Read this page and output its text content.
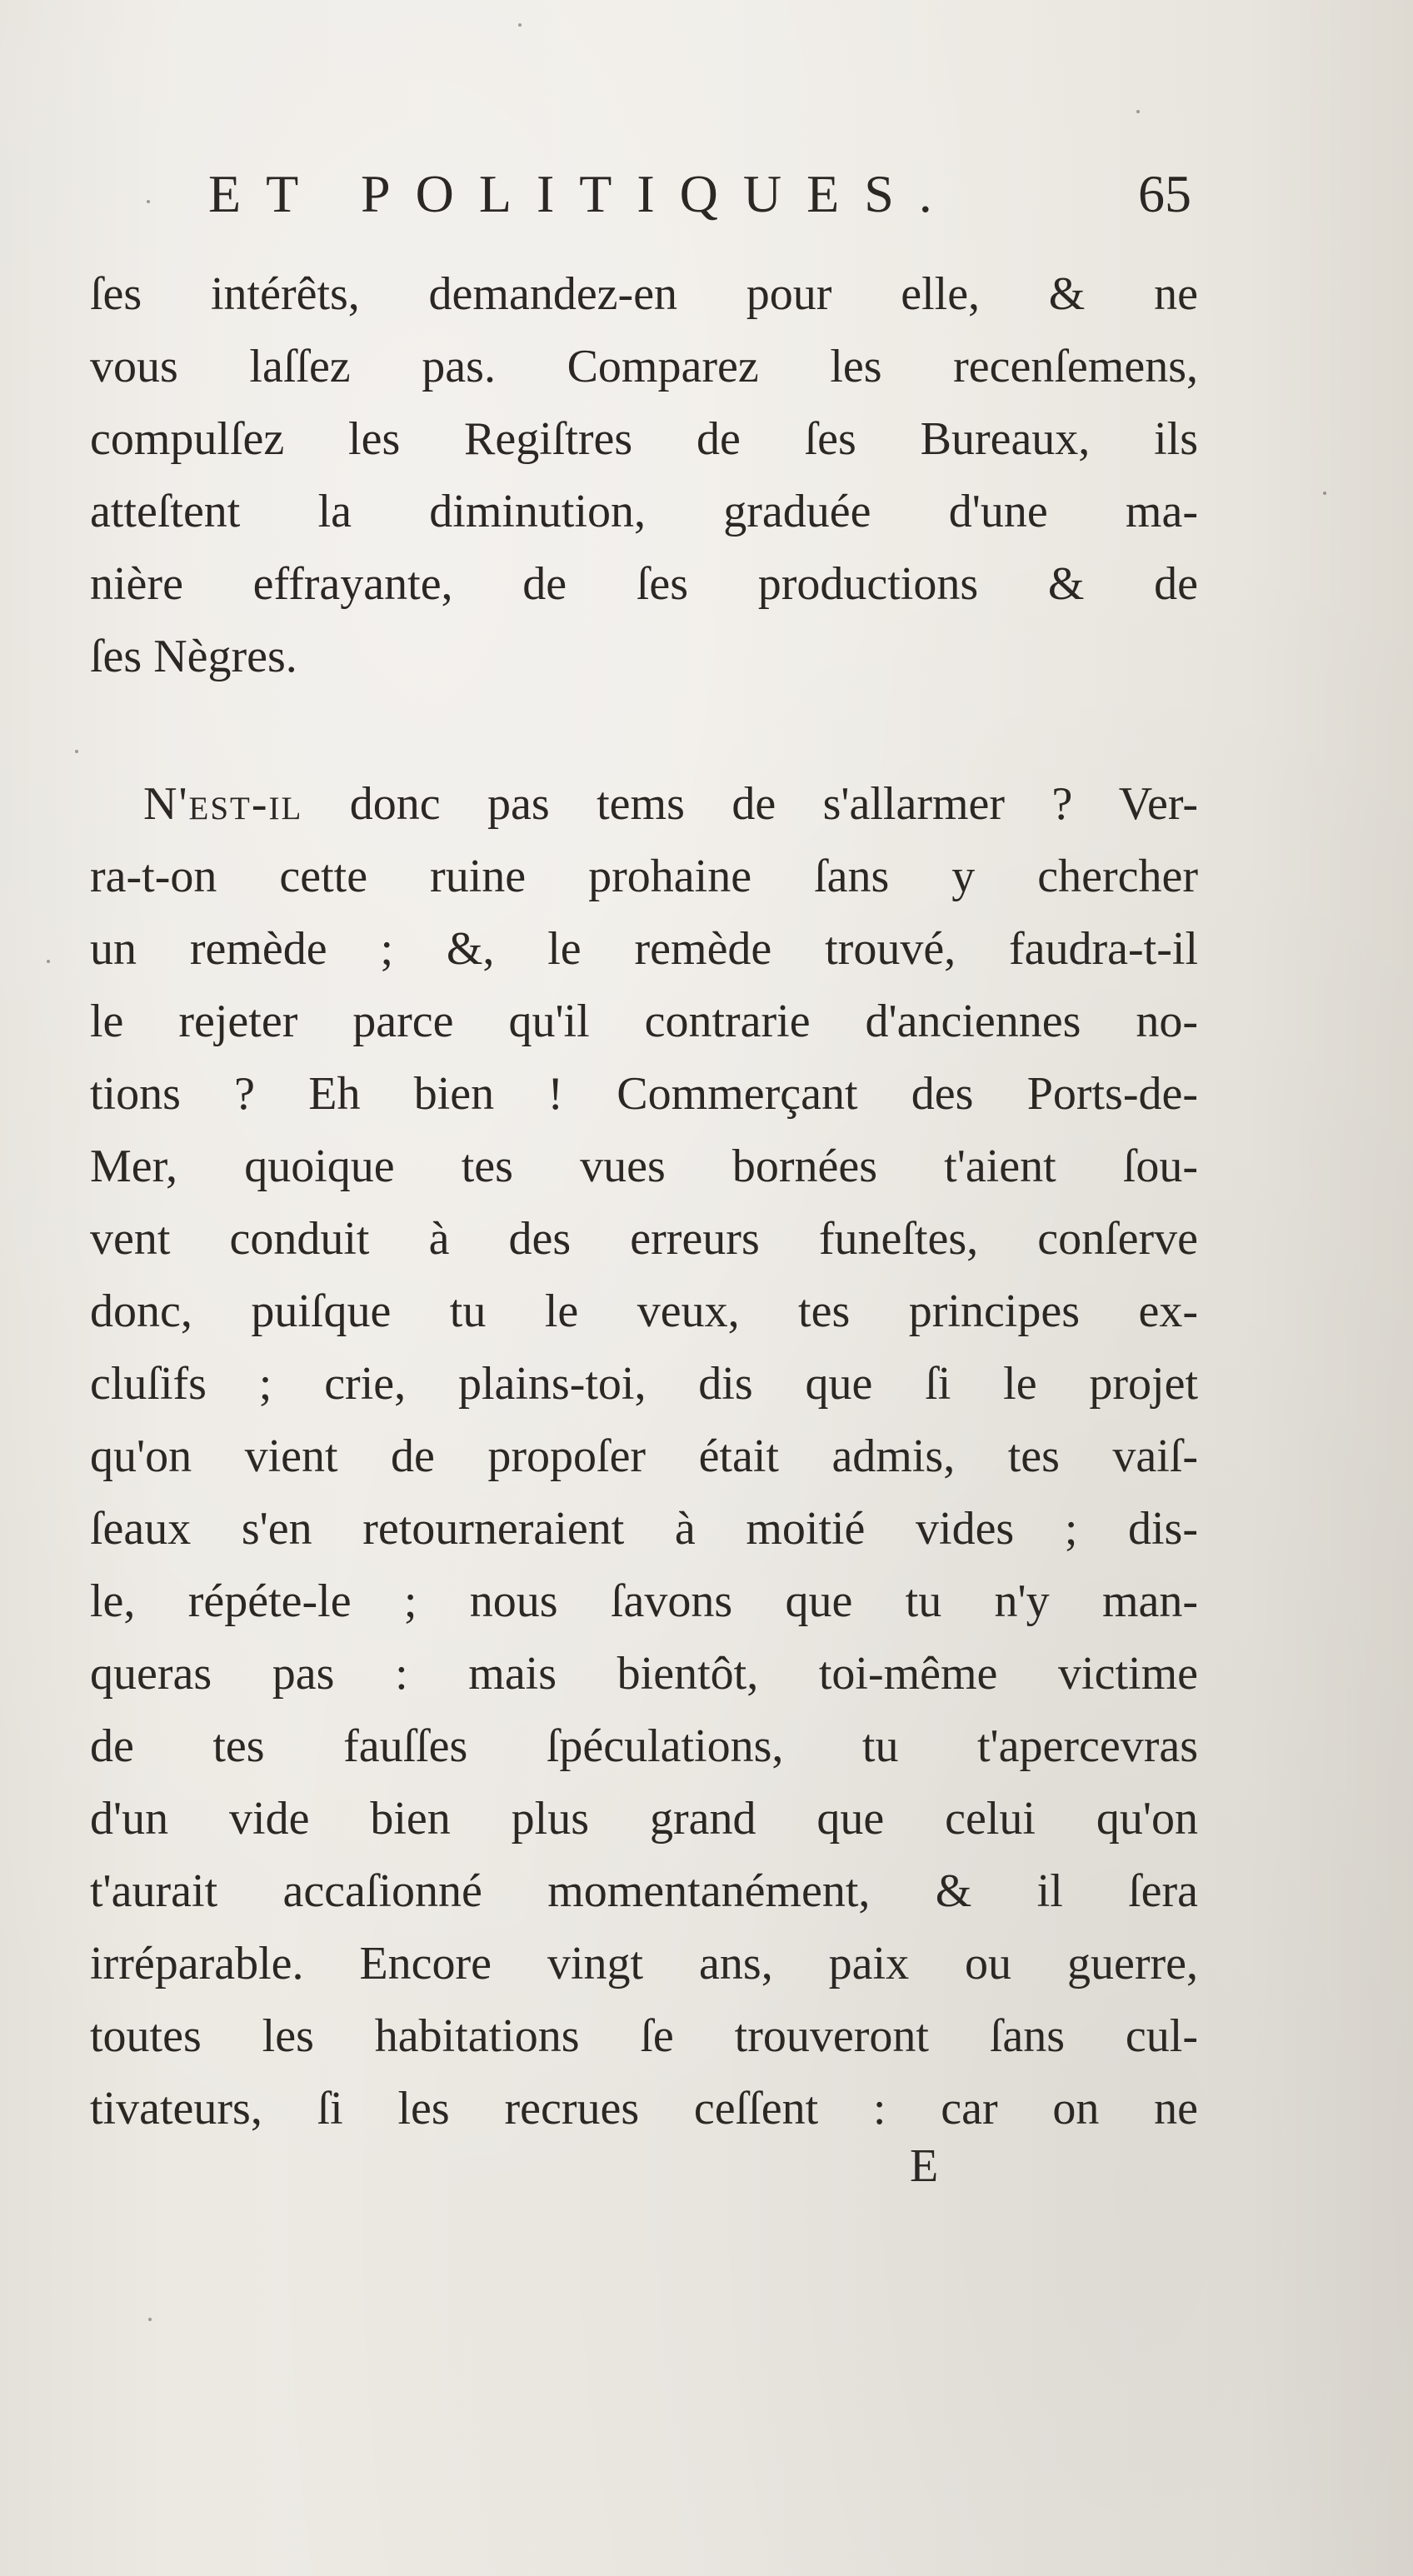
ET POLITIQUES.	65
ſes intérêts, demandez-en pour elle, & ne
vous laſſez pas. Comparez les recenſemens,
compulſez les Regiſtres de ſes Bureaux, ils
atteſtent la diminution, graduée d'une ma-
nière effrayante, de ſes productions & de
ſes Nègres.
N'est-il donc pas tems de s'allarmer ? Ver-
ra-t-on cette ruine prohaine ſans y chercher
un remède ; &, le remède trouvé, faudra-t-il
le rejeter parce qu'il contrarie d'anciennes no-
tions ? Eh bien ! Commerçant des Ports-de-
Mer, quoique tes vues bornées t'aient ſou-
vent conduit à des erreurs funeſtes, conſerve
donc, puiſque tu le veux, tes principes ex-
cluſifs ; crie, plains-toi, dis que ſi le projet
qu'on vient de propoſer était admis, tes vaiſ-
ſeaux s'en retourneraient à moitié vides ; dis-
le, répéte-le ; nous ſavons que tu n'y man-
queras pas : mais bientôt, toi-même victime
de tes fauſſes ſpéculations, tu t'apercevras
d'un vide bien plus grand que celui qu'on
t'aurait accaſionné momentanément, & il ſera
irréparable. Encore vingt ans, paix ou guerre,
toutes les habitations ſe trouveront ſans cul-
tivateurs, ſi les recrues ceſſent : car on ne
E
